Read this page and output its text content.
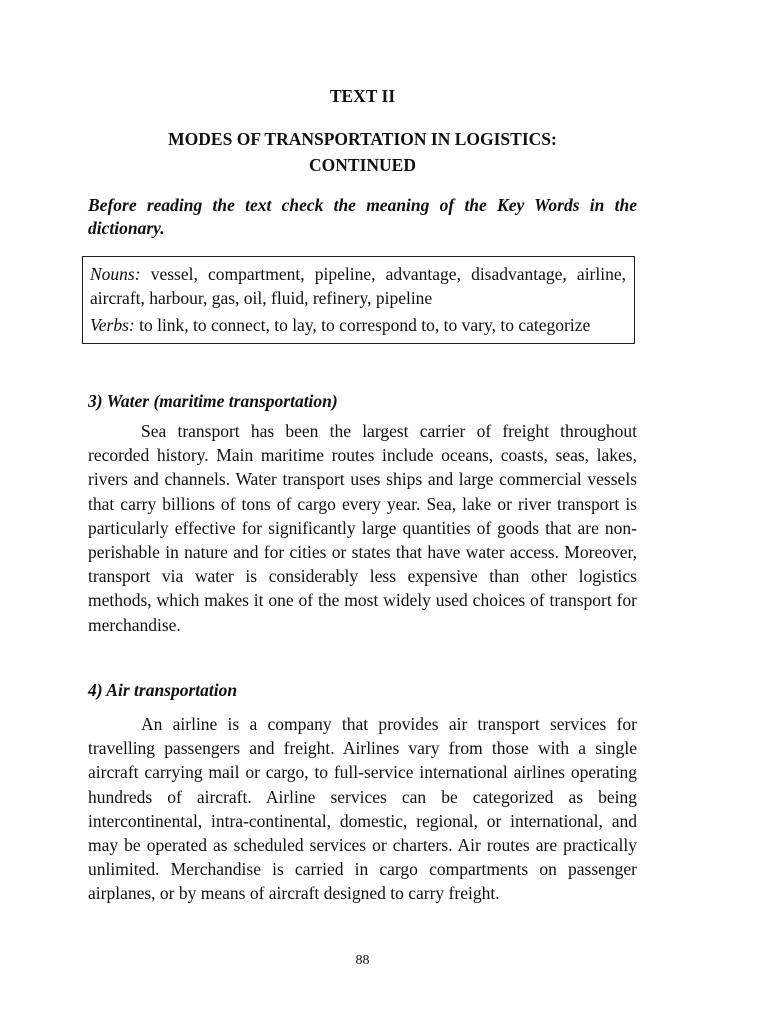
TEXT II
MODES OF TRANSPORTATION IN LOGISTICS:
CONTINUED

Before reading the text check the meaning of the Key Words in the dictionary.

Nouns: vessel, compartment, pipeline, advantage, disadvantage, airline, aircraft, harbour, gas, oil, fluid, refinery, pipeline

Verbs: to link, to connect, to lay, to correspond to, to vary, to categorize

3) Water (maritime transportation)

Sea transport has been the largest carrier of freight throughout recorded history. Main maritime routes include oceans, coasts, seas, lakes, rivers and channels. Water transport uses ships and large commercial vessels that carry billions of tons of cargo every year. Sea, lake or river transport is particularly effective for significantly large quantities of goods that are non-perishable in nature and for cities or states that have water access. Moreover, transport via water is considerably less expensive than other logistics methods, which makes it one of the most widely used choices of transport for merchandise.

4) Air transportation

An airline is a company that provides air transport services for travelling passengers and freight. Airlines vary from those with a single aircraft carrying mail or cargo, to full-service international airlines operating hundreds of aircraft. Airline services can be categorized as being intercontinental, intra-continental, domestic, regional, or international, and may be operated as scheduled services or charters. Air routes are practically unlimited. Merchandise is carried in cargo compartments on passenger airplanes, or by means of aircraft designed to carry freight.

88
